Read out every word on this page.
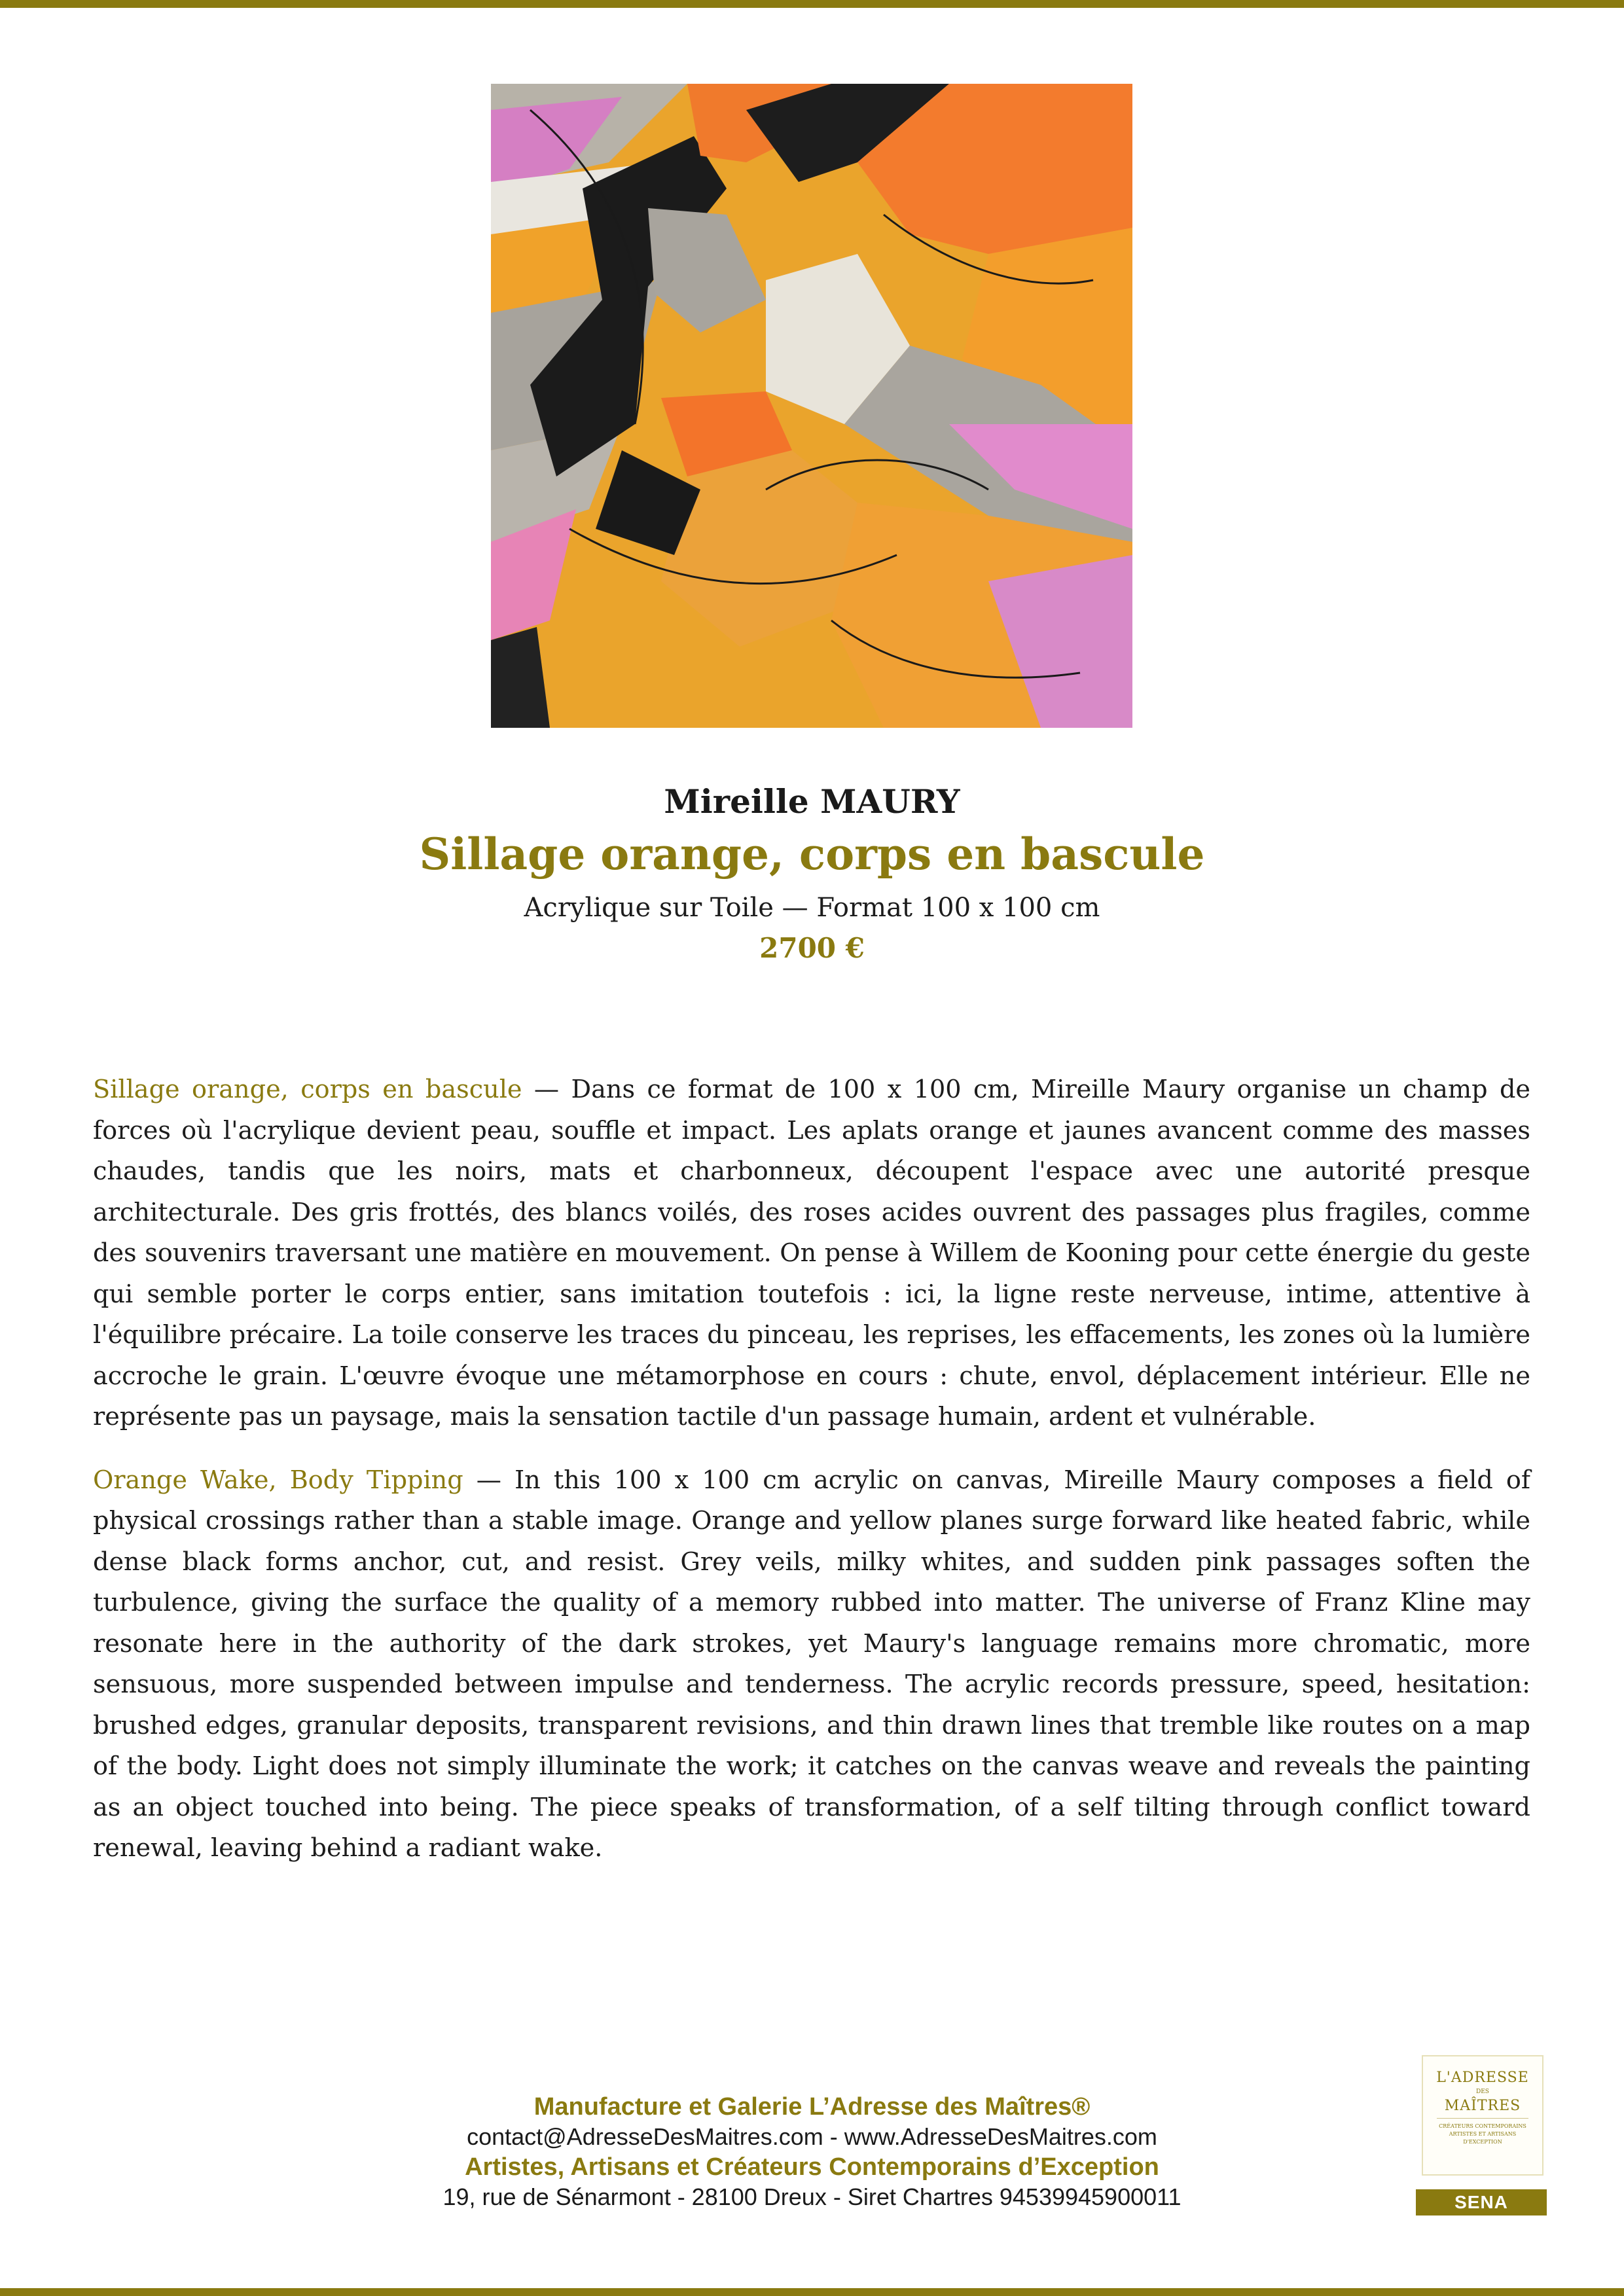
Mireille MAURY
Sillage orange, corps en bascule
Acrylique sur Toile — Format 100 x 100 cm
2700 €

Sillage orange, corps en bascule — Dans ce format de 100 x 100 cm, Mireille Maury organise un champ de forces où l'acrylique devient peau, souffle et impact. Les aplats orange et jaunes avancent comme des masses chaudes, tandis que les noirs, mats et charbonneux, découpent l'espace avec une autorité presque architecturale. Des gris frottés, des blancs voilés, des roses acides ouvrent des passages plus fragiles, comme des souvenirs traversant une matière en mouvement. On pense à Willem de Kooning pour cette énergie du geste qui semble porter le corps entier, sans imitation toutefois : ici, la ligne reste nerveuse, intime, attentive à l'équilibre précaire. La toile conserve les traces du pinceau, les reprises, les effacements, les zones où la lumière accroche le grain. L'œuvre évoque une métamorphose en cours : chute, envol, déplacement intérieur. Elle ne représente pas un paysage, mais la sensation tactile d'un passage humain, ardent et vulnérable.

Orange Wake, Body Tipping — In this 100 x 100 cm acrylic on canvas, Mireille Maury composes a field of physical crossings rather than a stable image. Orange and yellow planes surge forward like heated fabric, while dense black forms anchor, cut, and resist. Grey veils, milky whites, and sudden pink passages soften the turbulence, giving the surface the quality of a memory rubbed into matter. The universe of Franz Kline may resonate here in the authority of the dark strokes, yet Maury's language remains more chromatic, more sensuous, more suspended between impulse and tenderness. The acrylic records pressure, speed, hesitation: brushed edges, granular deposits, transparent revisions, and thin drawn lines that tremble like routes on a map of the body. Light does not simply illuminate the work; it catches on the canvas weave and reveals the painting as an object touched into being. The piece speaks of transformation, of a self tilting through conflict toward renewal, leaving behind a radiant wake.

Manufacture et Galerie L’Adresse des Maîtres®
contact@AdresseDesMaitres.com - www.AdresseDesMaitres.com
Artistes, Artisans et Créateurs Contemporains d’Exception
19, rue de Sénarmont - 28100 Dreux - Siret Chartres 94539945900011
L'ADRESSE
DES
MAÎTRES
CRÉATEURS CONTEMPORAINS ARTISTES ET ARTISANS D'EXCEPTION
SENA
